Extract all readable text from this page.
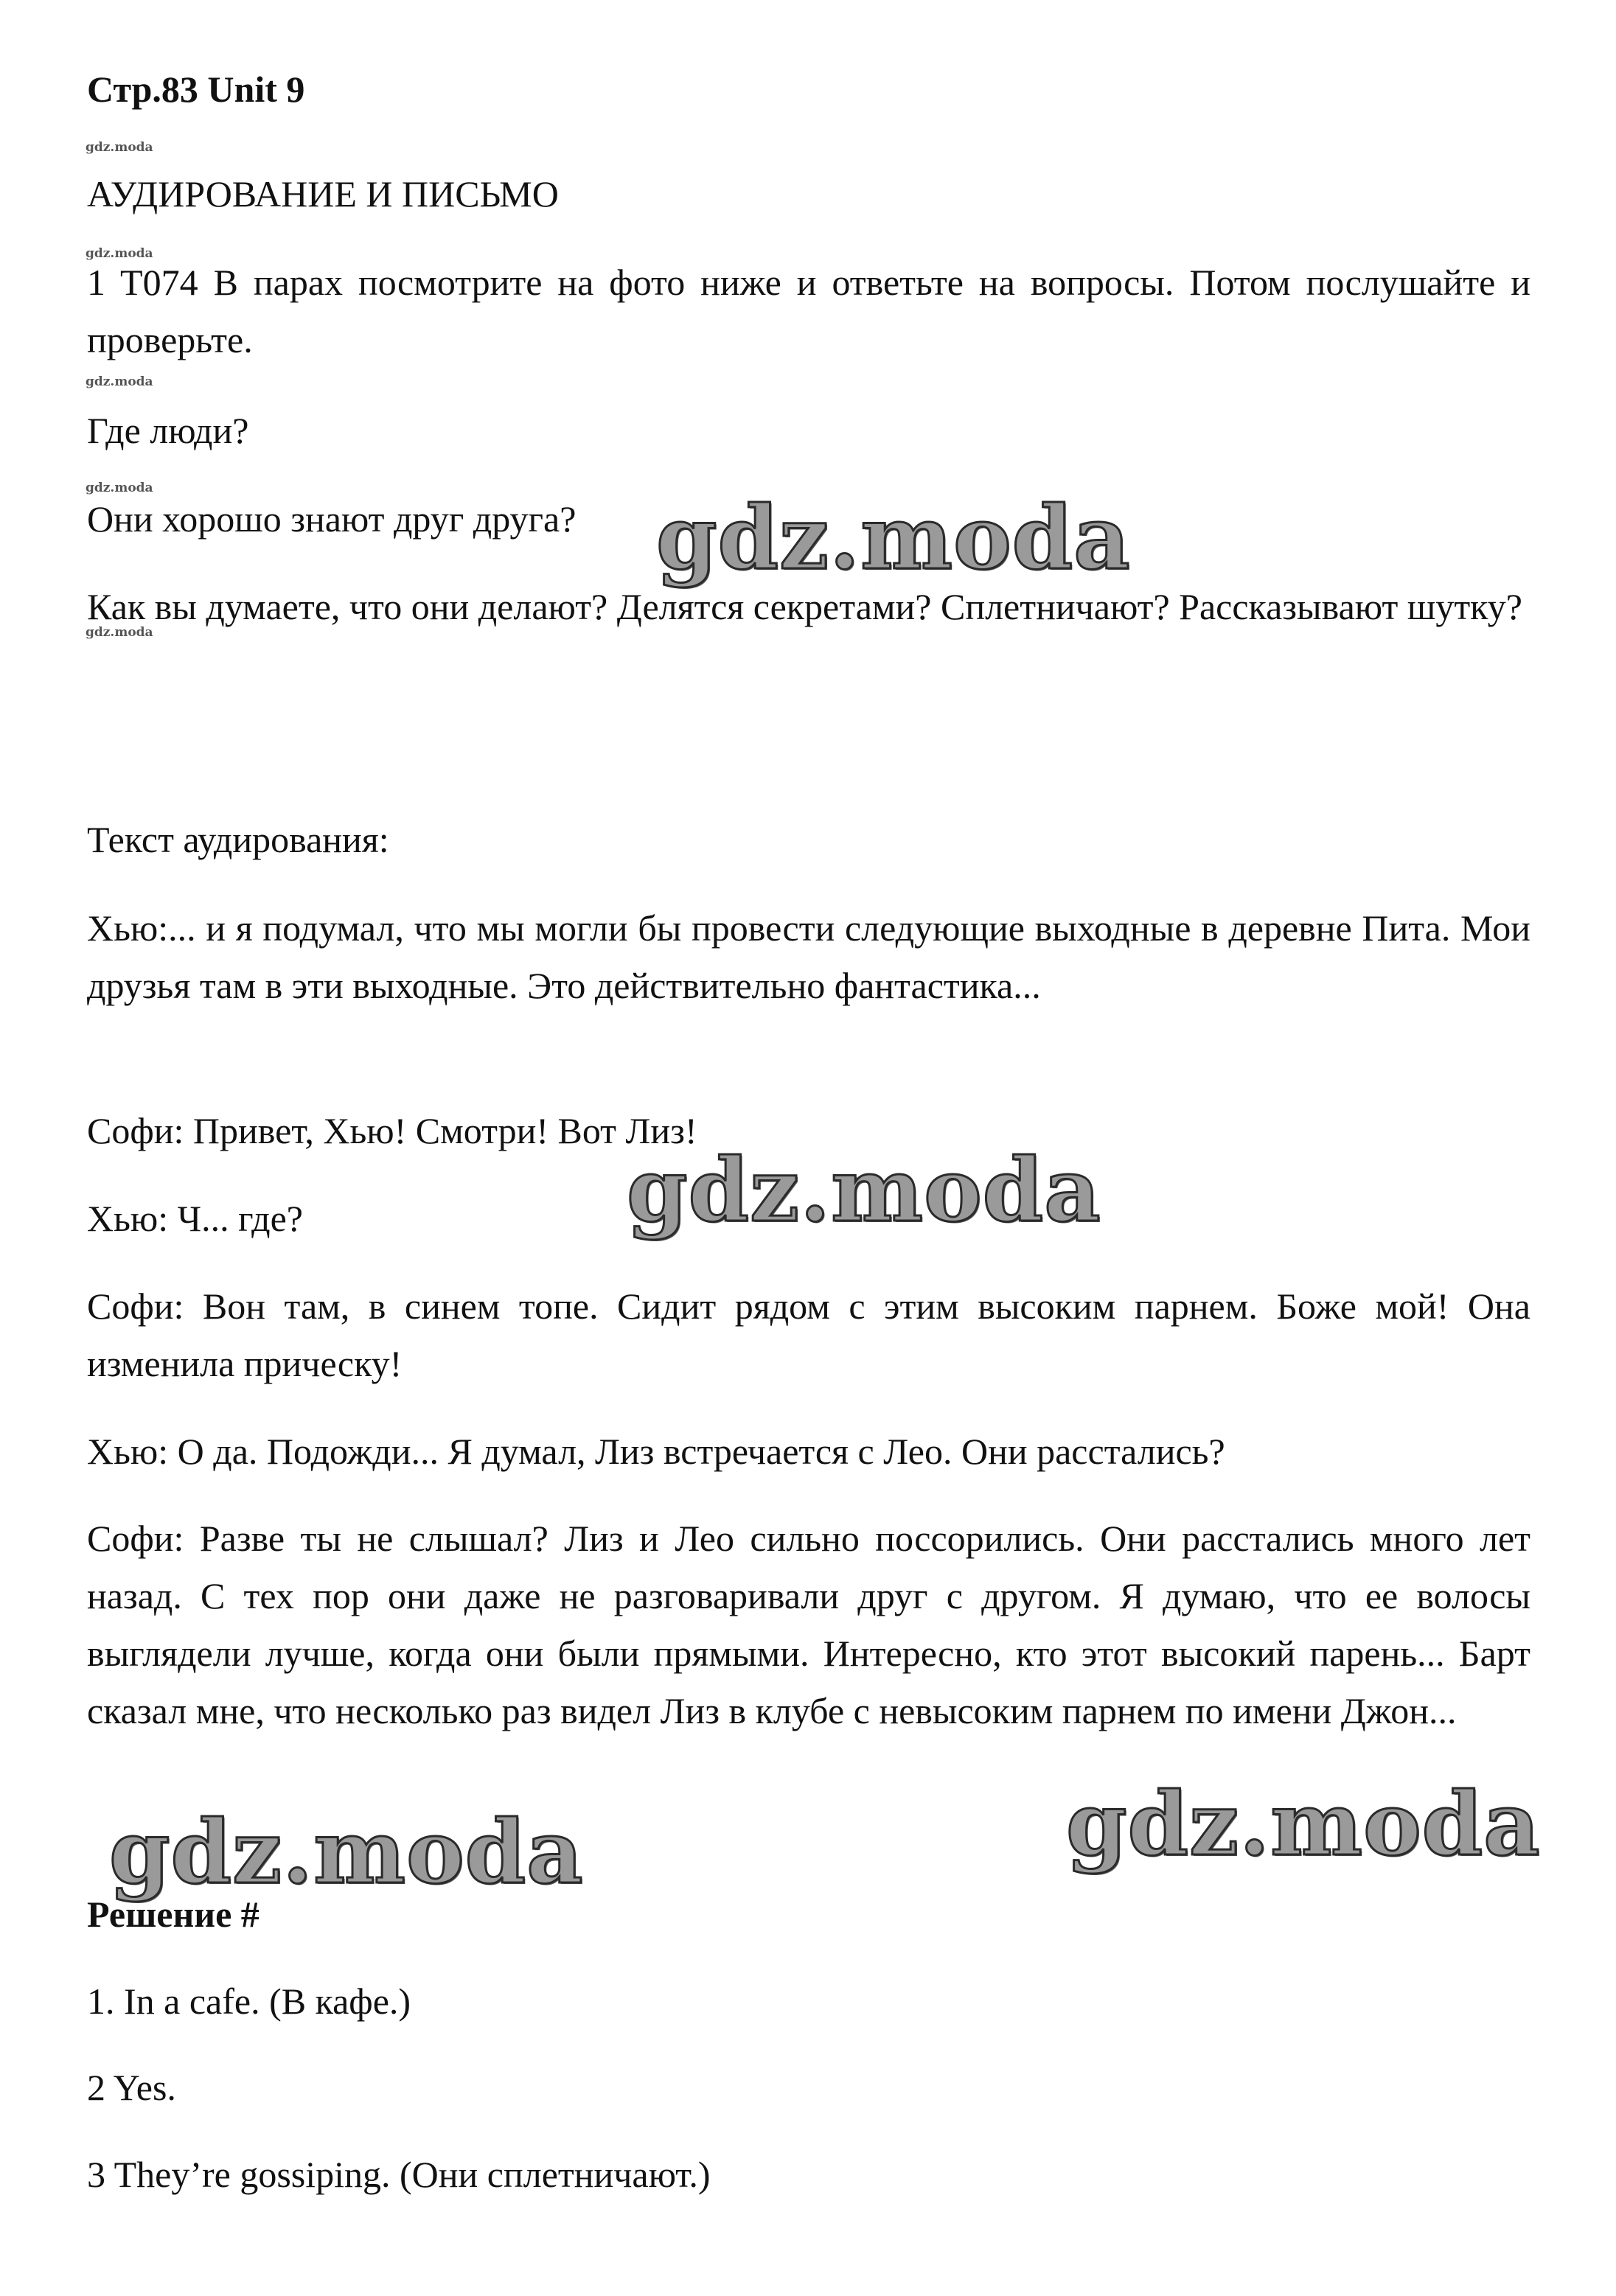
Стр.83 Unit 9
gdz.moda
АУДИРОВАНИЕ И ПИСЬМО
gdz.moda
1 T074 В парах посмотрите на фото ниже и ответьте на вопросы. Потом послушайте и проверьте.
gdz.moda
Где люди?
gdz.moda
Они хорошо знают друг друга?
Как вы думаете, что они делают? Делятся секретами? Сплетничают? Рассказывают шутку?
gdz.moda
Текст аудирования:
Хью:... и я подумал, что мы могли бы провести следующие выходные в деревне Пита. Мои друзья там в эти выходные. Это действительно фантастика...
Софи: Привет, Хью! Смотри! Вот Лиз!
Хью: Ч... где?
Софи: Вон там, в синем топе. Сидит рядом с этим высоким парнем. Боже мой! Она изменила прическу!
Хью: О да. Подожди... Я думал, Лиз встречается с Лео. Они расстались?
Софи: Разве ты не слышал? Лиз и Лео сильно поссорились. Они расстались много лет назад. С тех пор они даже не разговаривали друг с другом. Я думаю, что ее волосы выглядели лучше, когда они были прямыми. Интересно, кто этот высокий парень... Барт сказал мне, что несколько раз видел Лиз в клубе с невысоким парнем по имени Джон...
Решение #
1. In a cafe. (В кафе.)
2 Yes.
3 They’re gossiping. (Они сплетничают.)
gdz.moda
gdz.moda
gdz.moda	gdz.moda
